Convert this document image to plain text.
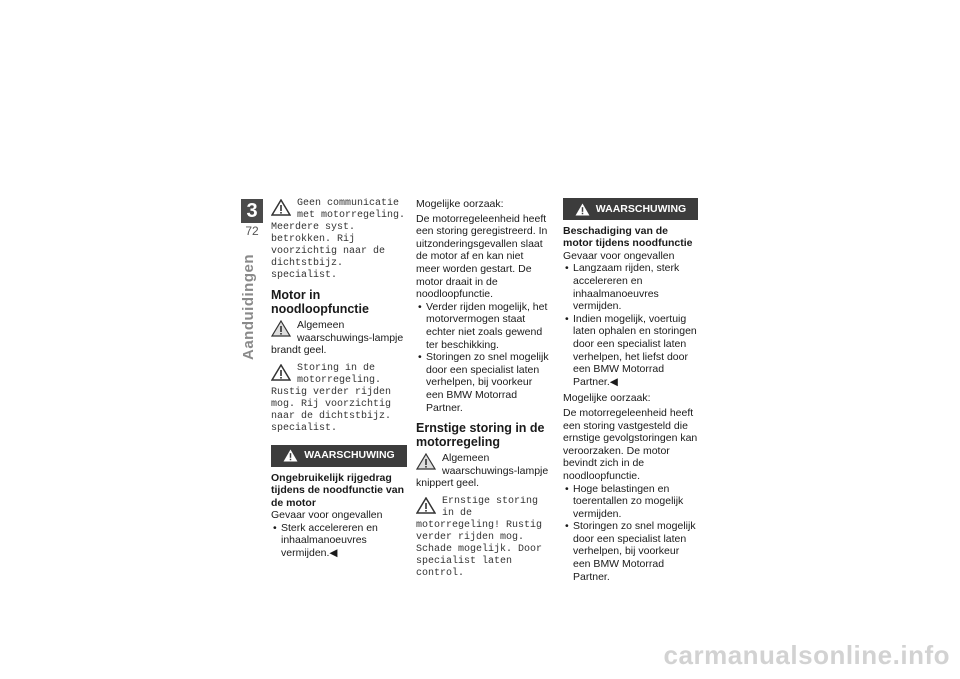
3
72
Aanduidingen

Geen communicatie met motorregeling. Meerdere syst. betrokken. Rij voorzichtig naar de dichtstbijz. specialist.

Motor in noodloopfunctie

Algemeen waarschuwings-lampje brandt geel.

Storing in de motorregeling. Rustig verder rijden mog. Rij voorzichtig naar de dichtstbijz. specialist.

WAARSCHUWING
Ongebruikelijk rijgedrag tijdens de noodfunctie van de motor

Gevaar voor ongevallen

• Sterk accelereren en inhaalmanoeuvres vermijden.◀

Mogelijke oorzaak:

De motorregeleenheid heeft een storing geregistreerd. In uitzonderingsgevallen slaat de motor af en kan niet meer worden gestart. De motor draait in de noodloopfunctie.

• Verder rijden mogelijk, het motorvermogen staat echter niet zoals gewend ter beschikking.
• Storingen zo snel mogelijk door een specialist laten verhelpen, bij voorkeur een BMW Motorrad Partner.
Ernstige storing in de motorregeling

Algemeen waarschuwings-lampje knippert geel.

Ernstige storing in de motorregeling! Rustig verder rijden mog. Schade mogelijk. Door specialist laten control.

WAARSCHUWING
Beschadiging van de motor tijdens noodfunctie

Gevaar voor ongevallen

• Langzaam rijden, sterk accelereren en inhaalmanoeuvres vermijden.
• Indien mogelijk, voertuig laten ophalen en storingen door een specialist laten verhelpen, het liefst door een BMW Motorrad Partner.◀

Mogelijke oorzaak:

De motorregeleenheid heeft een storing vastgesteld die ernstige gevolgstoringen kan veroorzaken. De motor bevindt zich in de noodloopfunctie.

• Hoge belastingen en toerentallen zo mogelijk vermijden.
• Storingen zo snel mogelijk door een specialist laten verhelpen, bij voorkeur een BMW Motorrad Partner.
carmanualsonline.info
